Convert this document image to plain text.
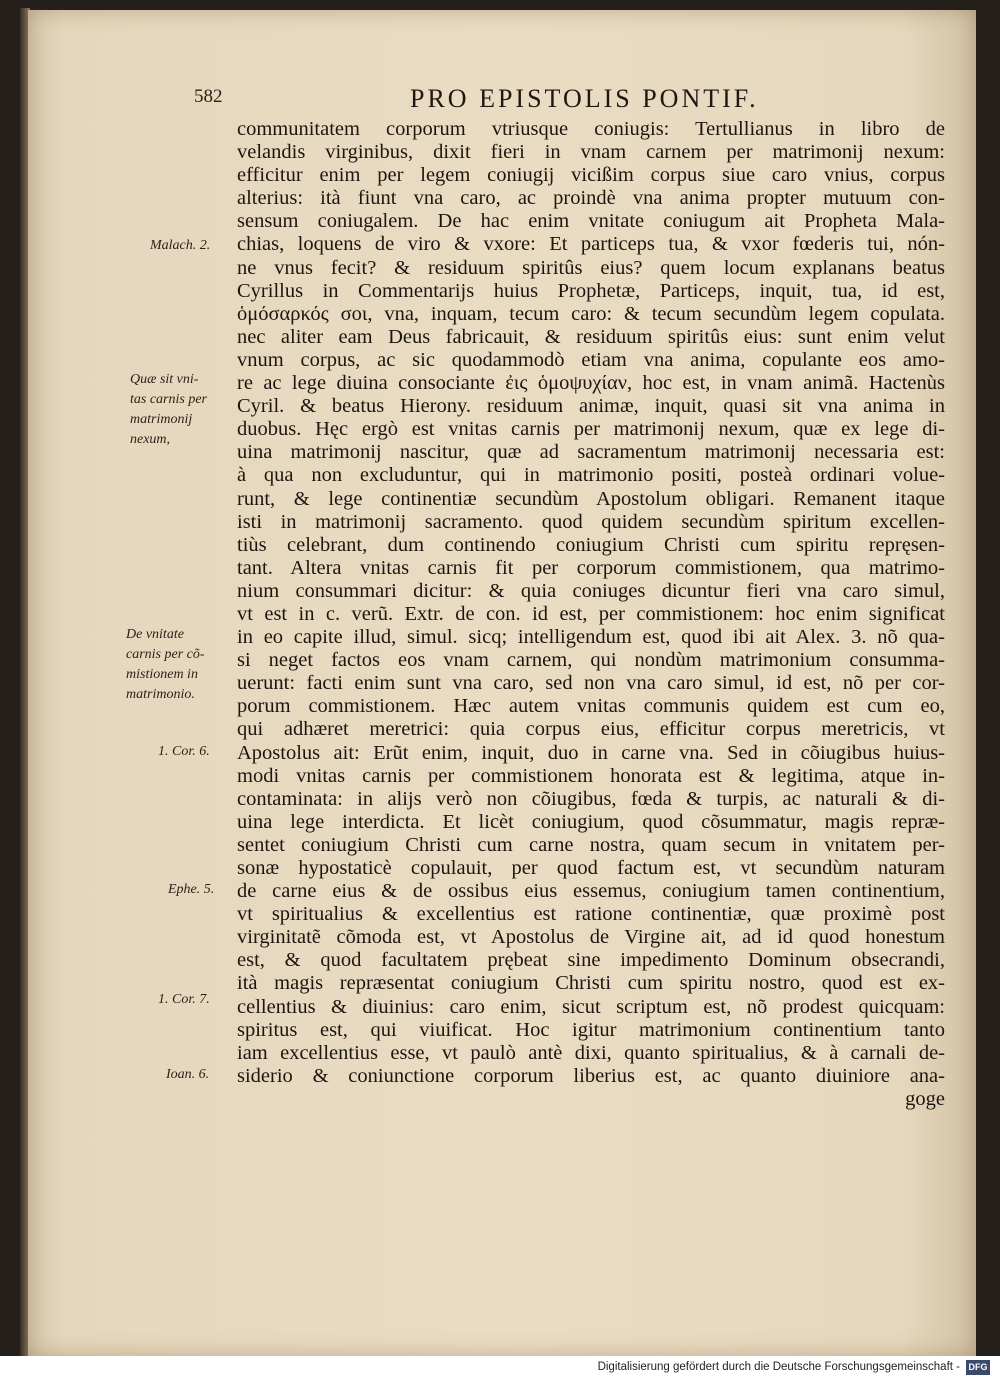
582	PRO EPISTOLIS PONTIF.
communitatem corporum vtriusque coniugis: Tertullianus in libro de
velandis virginibus, dixit fieri in vnam carnem per matrimonij nexum:
efficitur enim per legem coniugij vicißim corpus siue caro vnius, corpus
alterius: ità fiunt vna caro, ac proindè vna anima propter mutuum con-
sensum coniugalem. De hac enim vnitate coniugum ait Propheta Mala-
chias, loquens de viro & vxore: Et particeps tua, & vxor fœderis tui, nón-
ne vnus fecit? & residuum spiritûs eius? quem locum explanans beatus
Cyrillus in Commentarijs huius Prophetæ, Particeps, inquit, tua, id est,
ὁμόσαρκός σοι, vna, inquam, tecum caro: & tecum secundùm legem copulata.
nec aliter eam Deus fabricauit, & residuum spiritûs eius: sunt enim velut
vnum corpus, ac sic quodammodò etiam vna anima, copulante eos amo-
re ac lege diuina consociante ἐις ὁμοψυχίαν, hoc est, in vnam animã. Hactenùs
Cyril. & beatus Hierony. residuum animæ, inquit, quasi sit vna anima in
duobus. Hęc ergò est vnitas carnis per matrimonij nexum, quæ ex lege di-
uina matrimonij nascitur, quæ ad sacramentum matrimonij necessaria est:
à qua non excluduntur, qui in matrimonio positi, posteà ordinari volue-
runt, & lege continentiæ secundùm Apostolum obligari. Remanent itaque
isti in matrimonij sacramento. quod quidem secundùm spiritum excellen-
tiùs celebrant, dum continendo coniugium Christi cum spiritu repręsen-
tant. Altera vnitas carnis fit per corporum commistionem, qua matrimo-
nium consummari dicitur: & quia coniuges dicuntur fieri vna caro simul,
vt est in c. verũ. Extr. de con. id est, per commistionem: hoc enim significat
in eo capite illud, simul. sicq; intelligendum est, quod ibi ait Alex. 3. nõ qua-
si neget factos eos vnam carnem, qui nondùm matrimonium consumma-
uerunt: facti enim sunt vna caro, sed non vna caro simul, id est, nõ per cor-
porum commistionem. Hæc autem vnitas communis quidem est cum eo,
qui adhæret meretrici: quia corpus eius, efficitur corpus meretricis, vt
Apostolus ait: Erũt enim, inquit, duo in carne vna. Sed in cõiugibus huius-
modi vnitas carnis per commistionem honorata est & legitima, atque in-
contaminata: in alijs verò non cõiugibus, fœda & turpis, ac naturali & di-
uina lege interdicta. Et licèt coniugium, quod cõsummatur, magis repræ-
sentet coniugium Christi cum carne nostra, quam secum in vnitatem per-
sonæ hypostaticè copulauit, per quod factum est, vt secundùm naturam
de carne eius & de ossibus eius essemus, coniugium tamen continentium,
vt spiritualius & excellentius est ratione continentiæ, quæ proximè post
virginitatẽ cõmoda est, vt Apostolus de Virgine ait, ad id quod honestum
est, & quod facultatem prębeat sine impedimento Dominum obsecrandi,
ità magis repræsentat coniugium Christi cum spiritu nostro, quod est ex-
cellentius & diuinius: caro enim, sicut scriptum est, nõ prodest quicquam:
spiritus est, qui viuificat. Hoc igitur matrimonium continentium tanto
iam excellentius esse, vt paulò antè dixi, quanto spiritualius, & à carnali de-
siderio & coniunctione corporum liberius est, ac quanto diuiniore ana-
goge
Malach. 2.
Quæ sit vni-
tas carnis per
matrimonij
nexum,
De vnitate
carnis per cõ-
mistionem in
matrimonio.
1. Cor. 6.
Ephe. 5.
1. Cor. 7.
Ioan. 6.
Digitalisierung gefördert durch die Deutsche Forschungsgemeinschaft - DFG
